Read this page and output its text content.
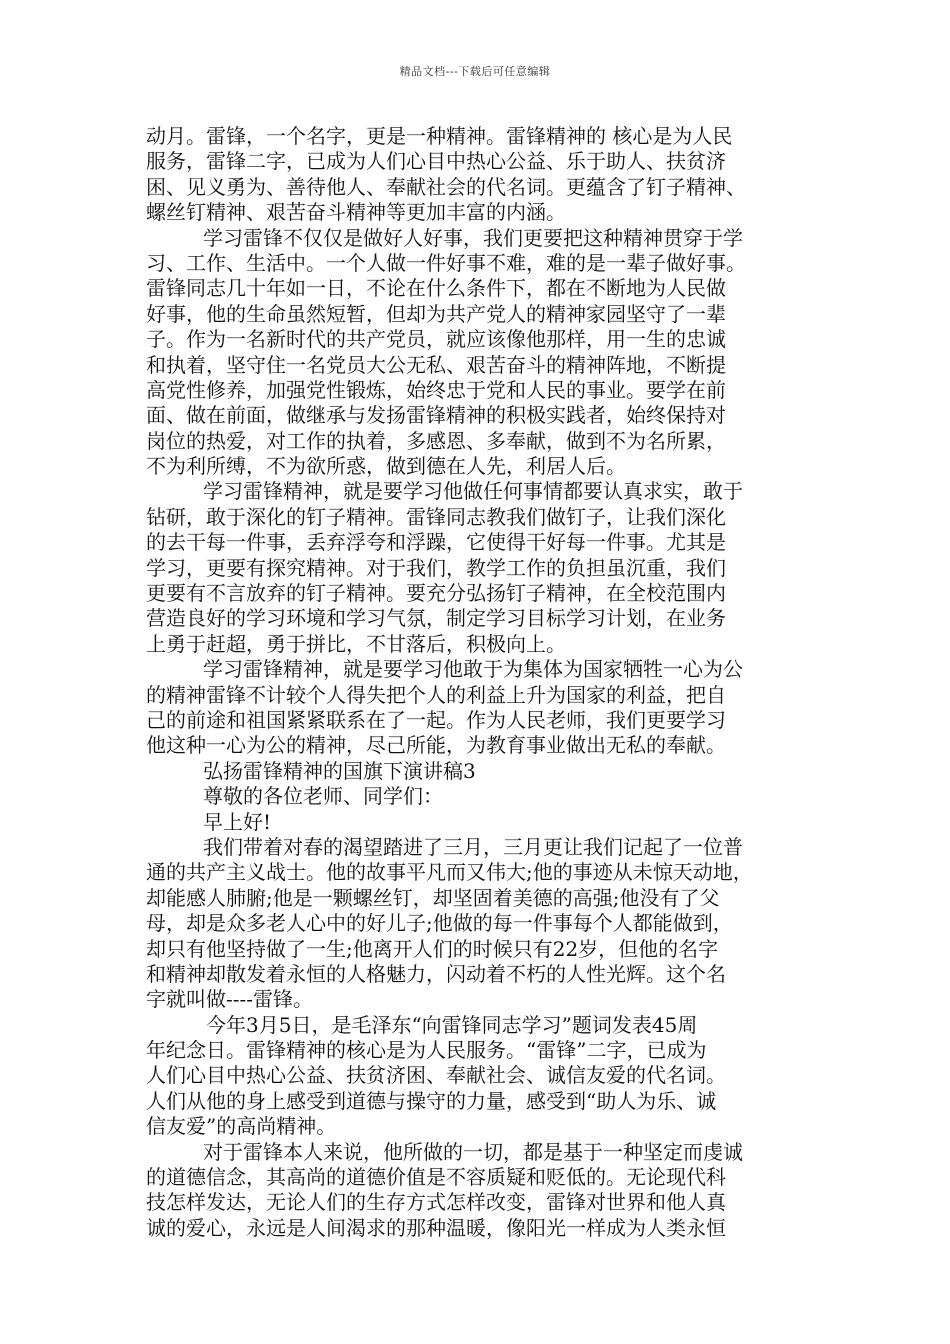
精品文档---下载后可任意编辑
动月。雷锋，一个名字，更是一种精神。雷锋精神的 核心是为人民
服务，雷锋二字，已成为人们心目中热心公益、乐于助人、扶贫济
困、见义勇为、善待他人、奉献社会的代名词。更蕴含了钉子精神、
螺丝钉精神、艰苦奋斗精神等更加丰富的内涵。
学习雷锋不仅仅是做好人好事，我们更要把这种精神贯穿于学
习、工作、生活中。一个人做一件好事不难，难的是一辈子做好事。
雷锋同志几十年如一日，不论在什么条件下，都在不断地为人民做
好事，他的生命虽然短暂，但却为共产党人的精神家园坚守了一辈
子。作为一名新时代的共产党员，就应该像他那样，用一生的忠诚
和执着，坚守住一名党员大公无私、艰苦奋斗的精神阵地，不断提
高党性修养，加强党性锻炼，始终忠于党和人民的事业。要学在前
面、做在前面，做继承与发扬雷锋精神的积极实践者，始终保持对
岗位的热爱，对工作的执着，多感恩、多奉献，做到不为名所累，
不为利所缚，不为欲所惑，做到德在人先，利居人后。
学习雷锋精神，就是要学习他做任何事情都要认真求实，敢于
钻研，敢于深化的钉子精神。雷锋同志教我们做钉子，让我们深化
的去干每一件事，丢弃浮夸和浮躁，它使得干好每一件事。尤其是
学习，更要有探究精神。对于我们，教学工作的负担虽沉重，我们
更要有不言放弃的钉子精神。要充分弘扬钉子精神，在全校范围内
营造良好的学习环境和学习气氛，制定学习目标学习计划，在业务
上勇于赶超，勇于拼比，不甘落后，积极向上。
学习雷锋精神，就是要学习他敢于为集体为国家牺牲一心为公
的精神雷锋不计较个人得失把个人的利益上升为国家的利益，把自
己的前途和祖国紧紧联系在了一起。作为人民老师，我们更要学习
他这种一心为公的精神，尽己所能，为教育事业做出无私的奉献。
弘扬雷锋精神的国旗下演讲稿3
尊敬的各位老师、同学们：
早上好!
我们带着对春的渴望踏进了三月，三月更让我们记起了一位普
通的共产主义战士。他的故事平凡而又伟大;他的事迹从未惊天动地，
却能感人肺腑;他是一颗螺丝钉，却坚固着美德的高强;他没有了父
母，却是众多老人心中的好儿子;他做的每一件事每个人都能做到，
却只有他坚持做了一生;他离开人们的时候只有22岁，但他的名字
和精神却散发着永恒的人格魅力，闪动着不朽的人性光辉。这个名
字就叫做----雷锋。
今年3月5日，是毛泽东“向雷锋同志学习”题词发表45周
年纪念日。雷锋精神的核心是为人民服务。“雷锋”二字，已成为
人们心目中热心公益、扶贫济困、奉献社会、诚信友爱的代名词。
人们从他的身上感受到道德与操守的力量，感受到“助人为乐、诚
信友爱”的高尚精神。
对于雷锋本人来说，他所做的一切，都是基于一种坚定而虔诚
的道德信念，其高尚的道德价值是不容质疑和贬低的。无论现代科
技怎样发达，无论人们的生存方式怎样改变，雷锋对世界和他人真
诚的爱心，永远是人间渴求的那种温暖，像阳光一样成为人类永恒
